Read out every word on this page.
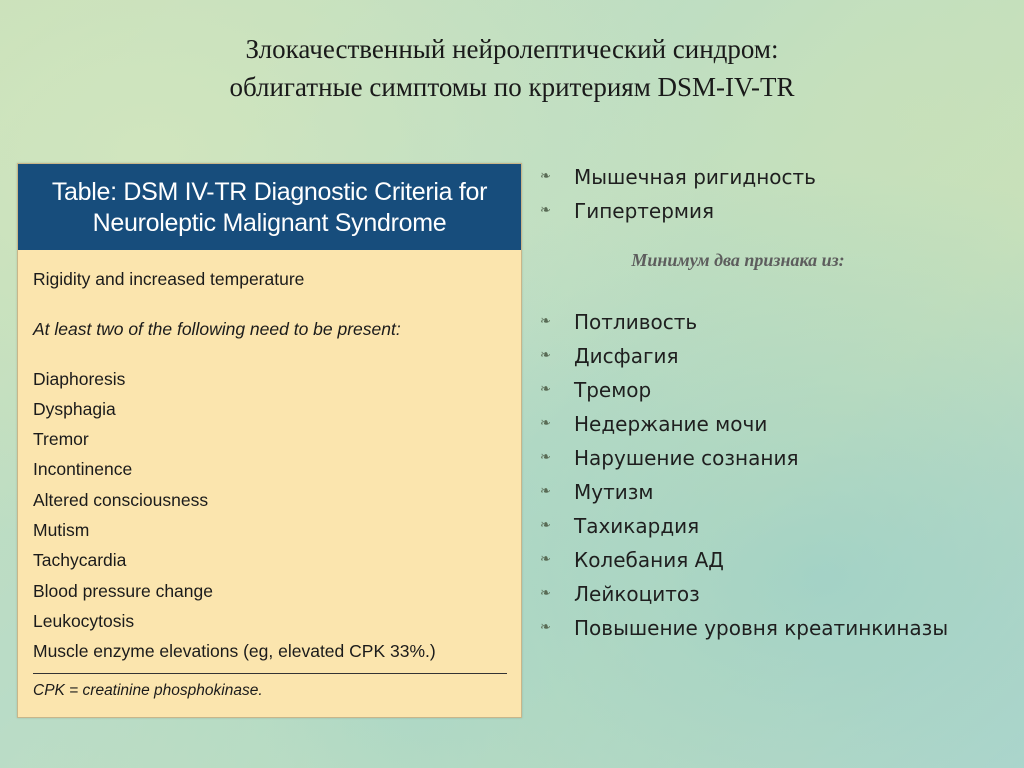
Злокачественный нейролептический синдром:
облигатные симптомы по критериям DSM-IV-TR
Table: DSM IV-TR Diagnostic Criteria for
Neuroleptic Malignant Syndrome
Rigidity and increased temperature
At least two of the following need to be present:
Diaphoresis
Dysphagia
Tremor
Incontinence
Altered consciousness
Mutism
Tachycardia
Blood pressure change
Leukocytosis
Muscle enzyme elevations (eg, elevated CPK 33%.)
CPK = creatinine phosphokinase.
❧	Мышечная ригидность
❧	Гипертермия
Минимум два признака из:
❧	Потливость
❧	Дисфагия
❧	Тремор
❧	Недержание мочи
❧	Нарушение сознания
❧	Мутизм
❧	Тахикардия
❧	Колебания АД
❧	Лейкоцитоз
❧	Повышение уровня креатинкиназы
